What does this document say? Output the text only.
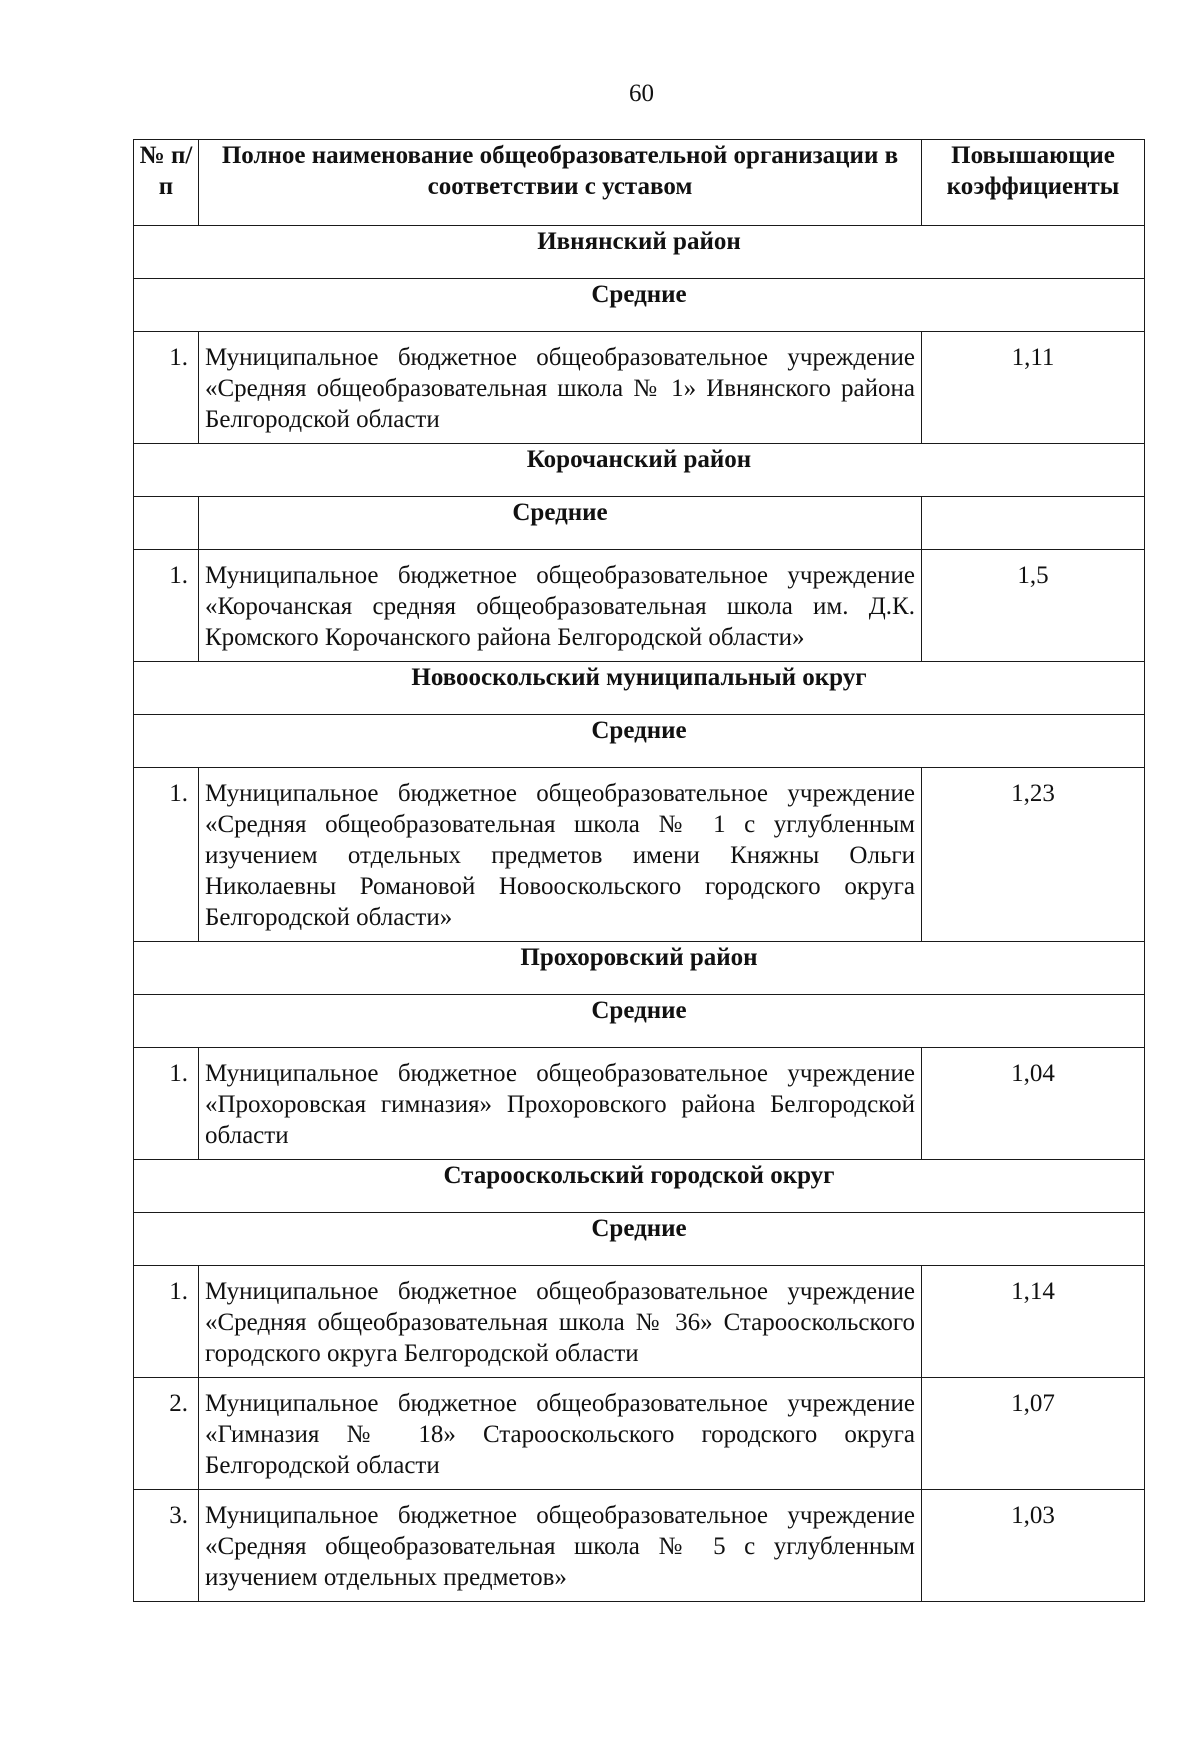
60
№ п/п	Полное наименование общеобразовательной организации в соответствии с уставом	Повышающие коэффициенты
Ивнянский район		
Средние		
1.	Муниципальное бюджетное общеобразовательное учреждение «Средняя общеобразовательная школа № 1» Ивнянского района Белгородской области	1,11
Корочанский район		
	Средние	
1.	Муниципальное бюджетное общеобразовательное учреждение «Корочанская средняя общеобразовательная школа им. Д.К. Кромского Корочанского района Белгородской области»	1,5
Новооскольский муниципальный округ		
Средние		
1.	Муниципальное бюджетное общеобразовательное учреждение «Средняя общеобразовательная школа № 1 с углубленным изучением отдельных предметов имени Княжны Ольги Николаевны Романовой Новооскольского городского округа Белгородской области»	1,23
Прохоровский район		
Средние		
1.	Муниципальное бюджетное общеобразовательное учреждение «Прохоровская гимназия» Прохоровского района Белгородской области	1,04
Старооскольский городской округ		
Средние		
1.	Муниципальное бюджетное общеобразовательное учреждение «Средняя общеобразовательная школа № 36» Старооскольского городского округа Белгородской области	1,14
2.	Муниципальное бюджетное общеобразовательное учреждение «Гимназия № 18» Старооскольского городского округа Белгородской области	1,07
3.	Муниципальное бюджетное общеобразовательное учреждение «Средняя общеобразовательная школа № 5 с углубленным изучением отдельных предметов»	1,03
